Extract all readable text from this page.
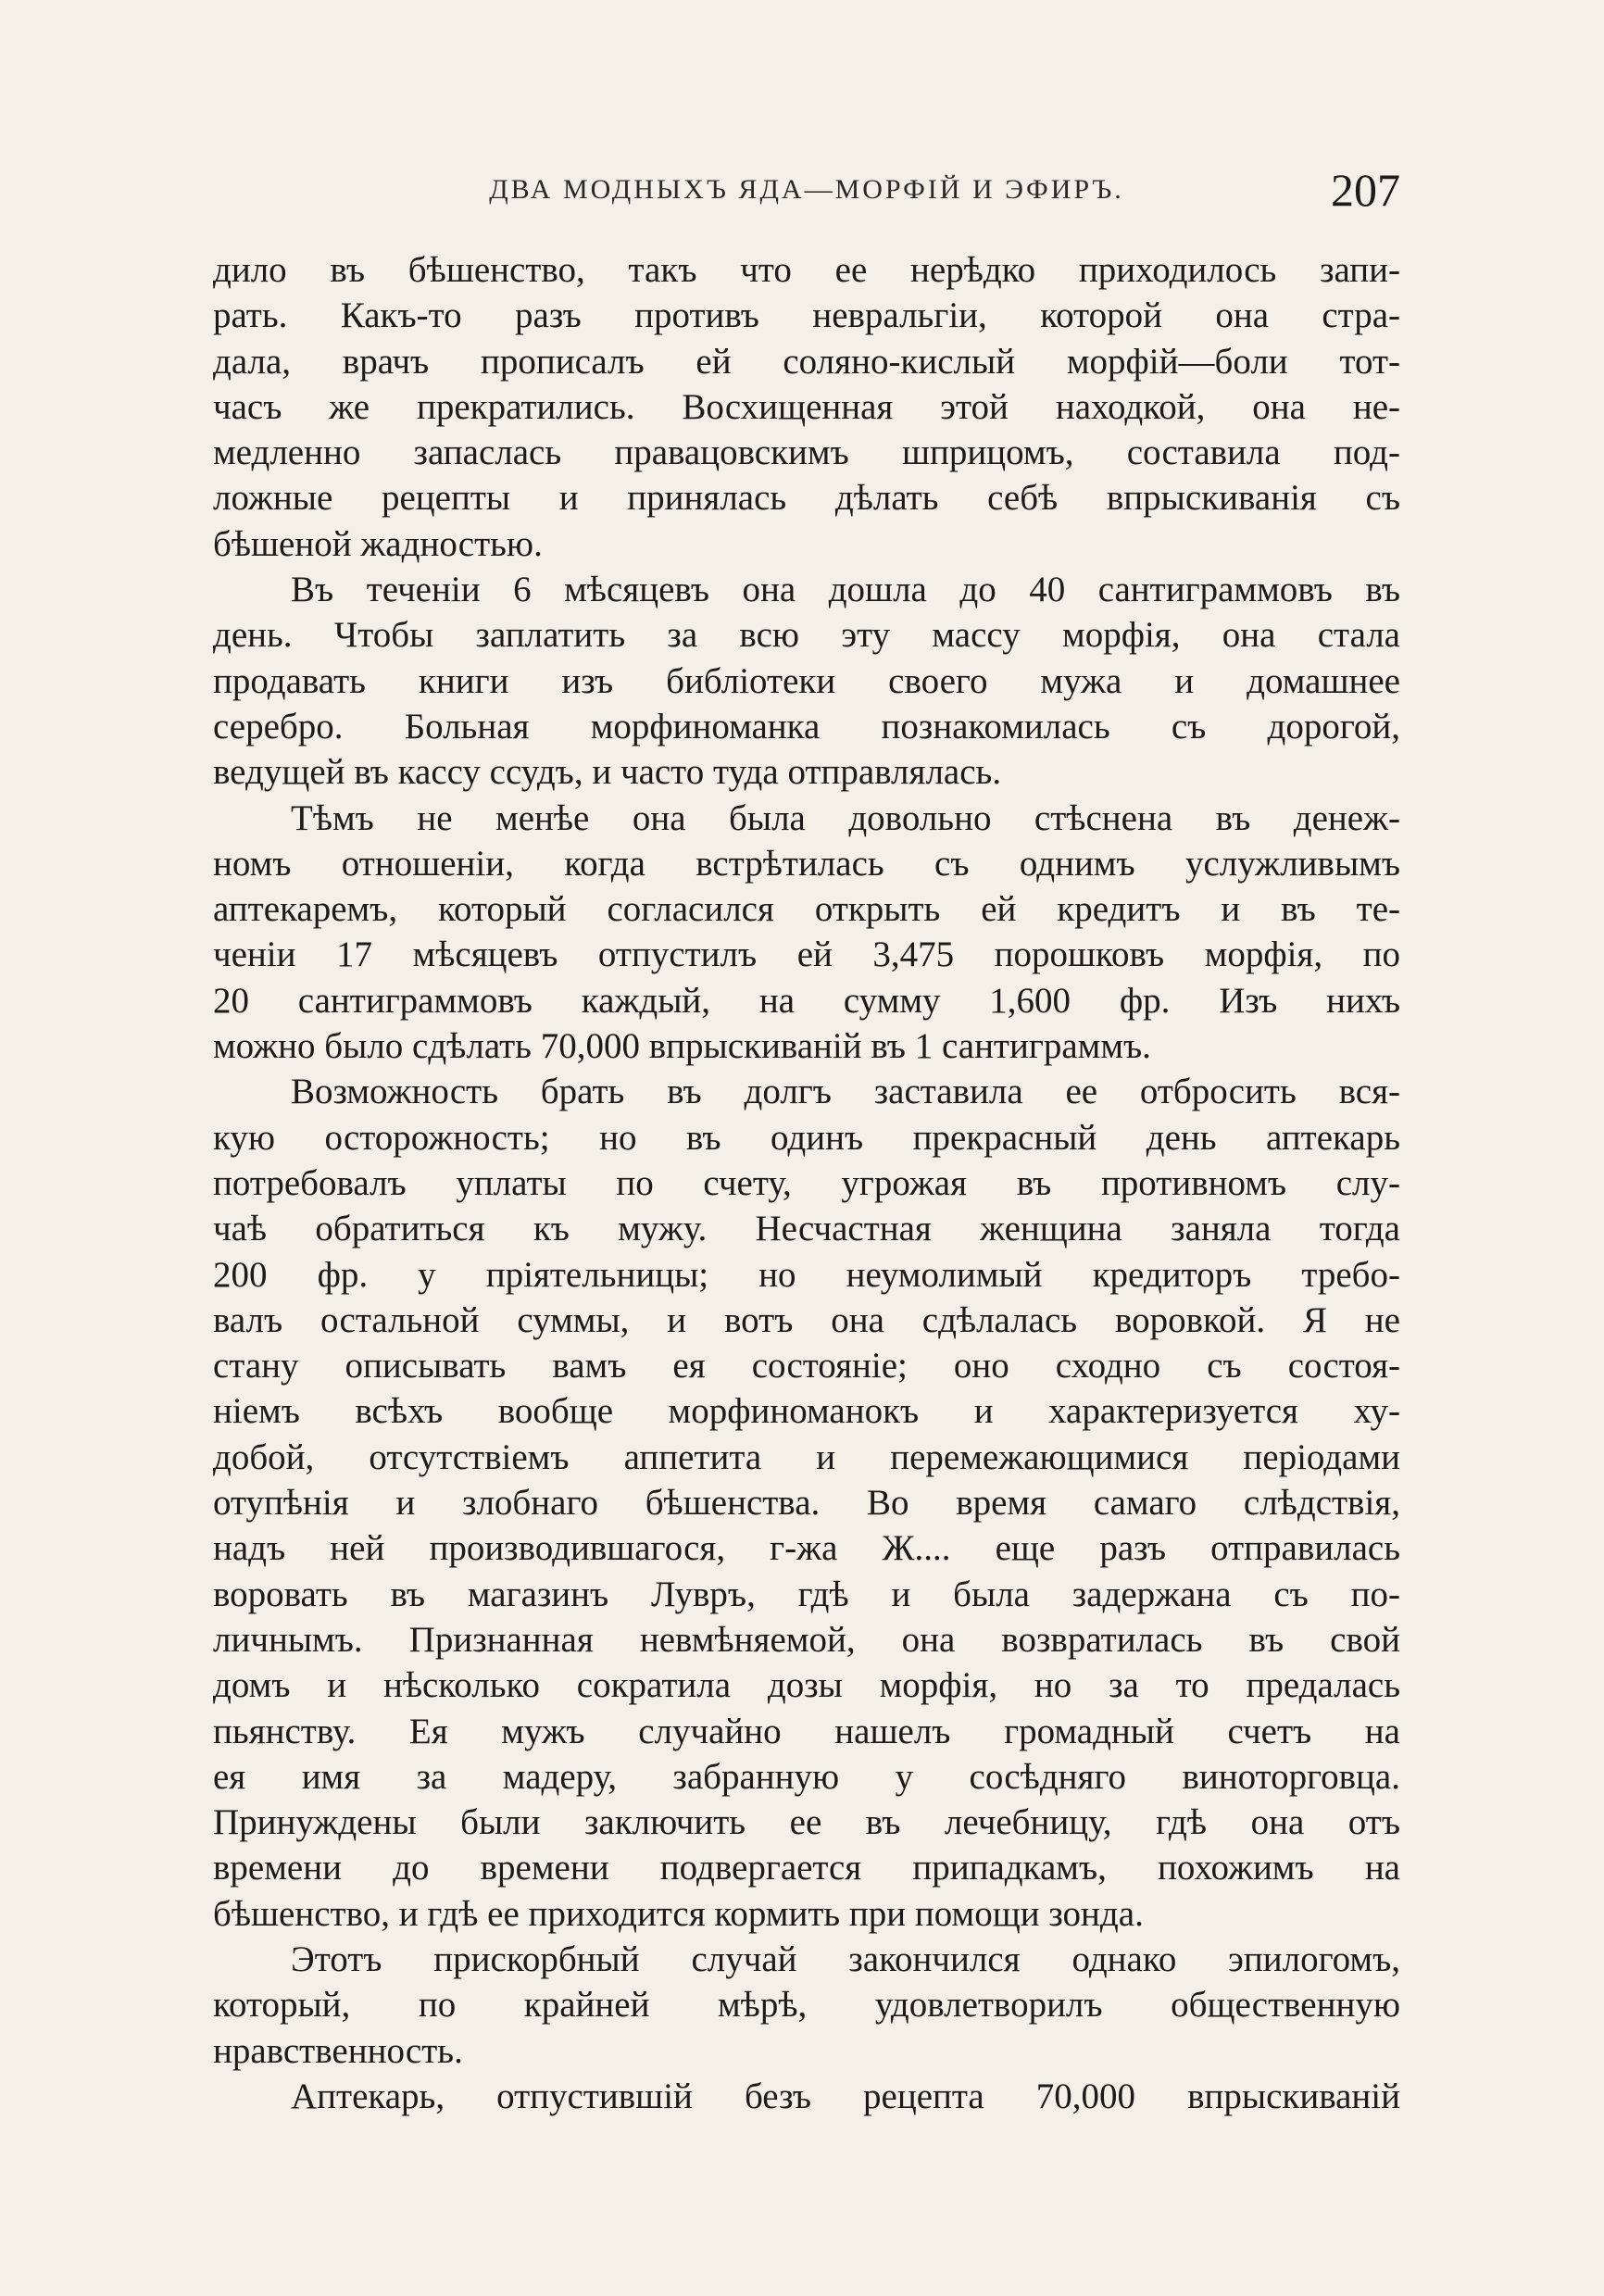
ДВА МОДНЫХЪ ЯДА—МОРФІЙ И ЭФИРЪ.	207
дило въ бѣшенство, такъ что ее нерѣдко приходилось запи-
рать. Какъ-то разъ противъ невральгіи, которой она стра-
дала, врачъ прописалъ ей соляно-кислый морфій—боли тот-
часъ же прекратились. Восхищенная этой находкой, она не-
медленно запаслась правацовскимъ шприцомъ, составила под-
ложные рецепты и принялась дѣлать себѣ впрыскиванія съ
бѣшеной жадностью.
Въ теченіи 6 мѣсяцевъ она дошла до 40 сантиграммовъ въ
день. Чтобы заплатить за всю эту массу морфія, она стала
продавать книги изъ библіотеки своего мужа и домашнее
серебро. Больная морфиноманка познакомилась съ дорогой,
ведущей въ кассу ссудъ, и часто туда отправлялась.
Тѣмъ не менѣе она была довольно стѣснена въ денеж-
номъ отношеніи, когда встрѣтилась съ однимъ услужливымъ
аптекаремъ, который согласился открыть ей кредитъ и въ те-
ченіи 17 мѣсяцевъ отпустилъ ей 3,475 порошковъ морфія, по
20 сантиграммовъ каждый, на сумму 1,600 фр. Изъ нихъ
можно было сдѣлать 70,000 впрыскиваній въ 1 сантиграммъ.
Возможность брать въ долгъ заставила ее отбросить вся-
кую осторожность; но въ одинъ прекрасный день аптекарь
потребовалъ уплаты по счету, угрожая въ противномъ слу-
чаѣ обратиться къ мужу. Несчастная женщина заняла тогда
200 фр. у пріятельницы; но неумолимый кредиторъ требо-
валъ остальной суммы, и вотъ она сдѣлалась воровкой. Я не
стану описывать вамъ ея состояніе; оно сходно съ состоя-
ніемъ всѣхъ вообще морфиноманокъ и характеризуется ху-
добой, отсутствіемъ аппетита и перемежающимися періодами
отупѣнія и злобнаго бѣшенства. Во время самаго слѣдствія,
надъ ней производившагося, г-жа Ж.... еще разъ отправилась
воровать въ магазинъ Лувръ, гдѣ и была задержана съ по-
личнымъ. Признанная невмѣняемой, она возвратилась въ свой
домъ и нѣсколько сократила дозы морфія, но за то предалась
пьянству. Ея мужъ случайно нашелъ громадный счетъ на
ея имя за мадеру, забранную у сосѣдняго виноторговца.
Принуждены были заключить ее въ лечебницу, гдѣ она отъ
времени до времени подвергается припадкамъ, похожимъ на
бѣшенство, и гдѣ ее приходится кормить при помощи зонда.
Этотъ прискорбный случай закончился однако эпилогомъ,
который, по крайней мѣрѣ, удовлетворилъ общественную
нравственность.
Аптекарь, отпустившій безъ рецепта 70,000 впрыскиваній
